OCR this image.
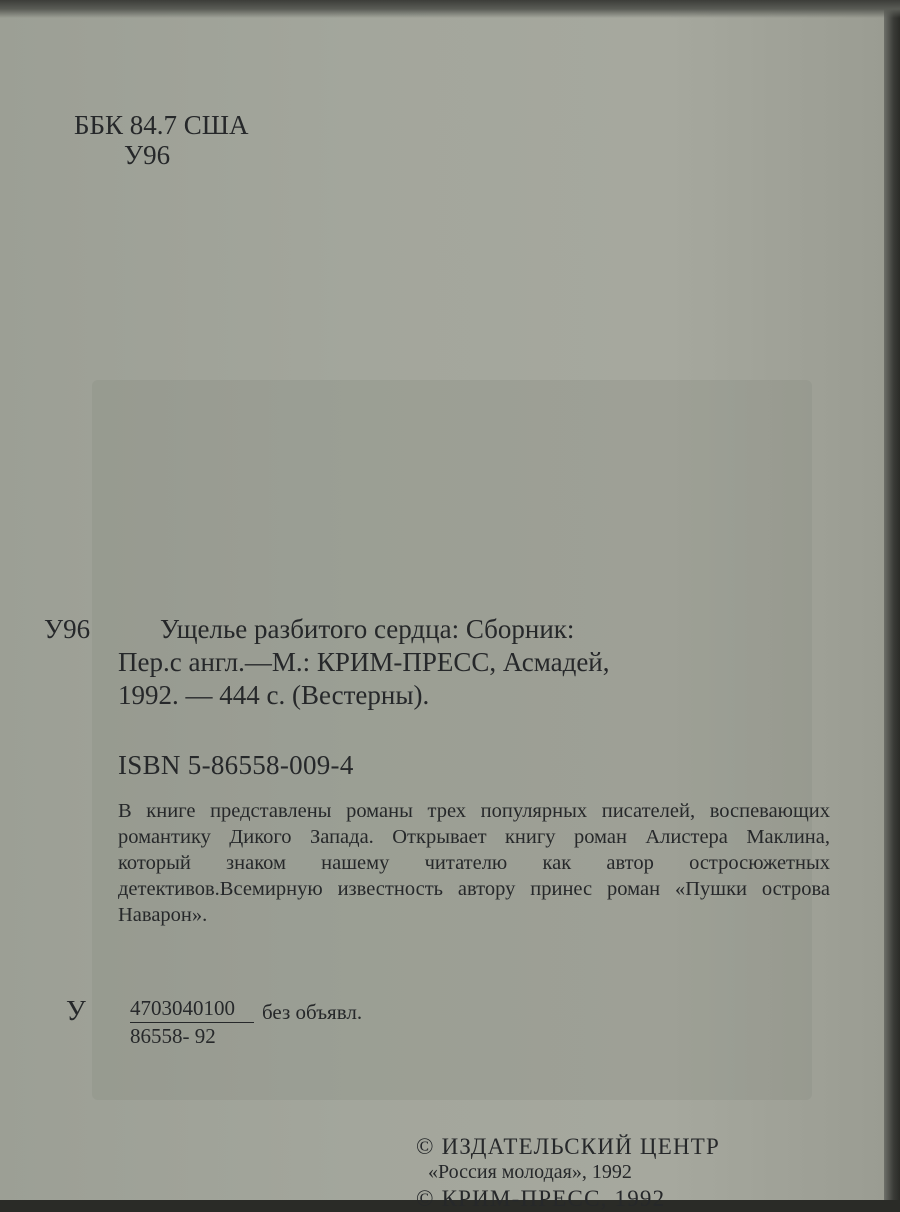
ББК 84.7 США
У96
У96	Ущелье разбитого сердца: Сборник:
Пер.с англ.—М.: КРИМ-ПРЕСС, Асмадей,
1992. — 444 с. (Вестерны).
ISBN 5-86558-009-4
В книге представлены романы трех популярных писателей, воспевающих
романтику Дикого Запада. Открывает книгу роман Алистера Маклина,
который знаком нашему читателю как автор остросюжетных
детективов.Всемирную известность автору принес роман «Пушки острова
Наварон».
У $\frac{4703040100}{86558- 92}$ без объявл.
© ИЗДАТЕЛЬСКИЙ ЦЕНТР
«Россия молодая», 1992
© КРИМ-ПРЕСС, 1992
